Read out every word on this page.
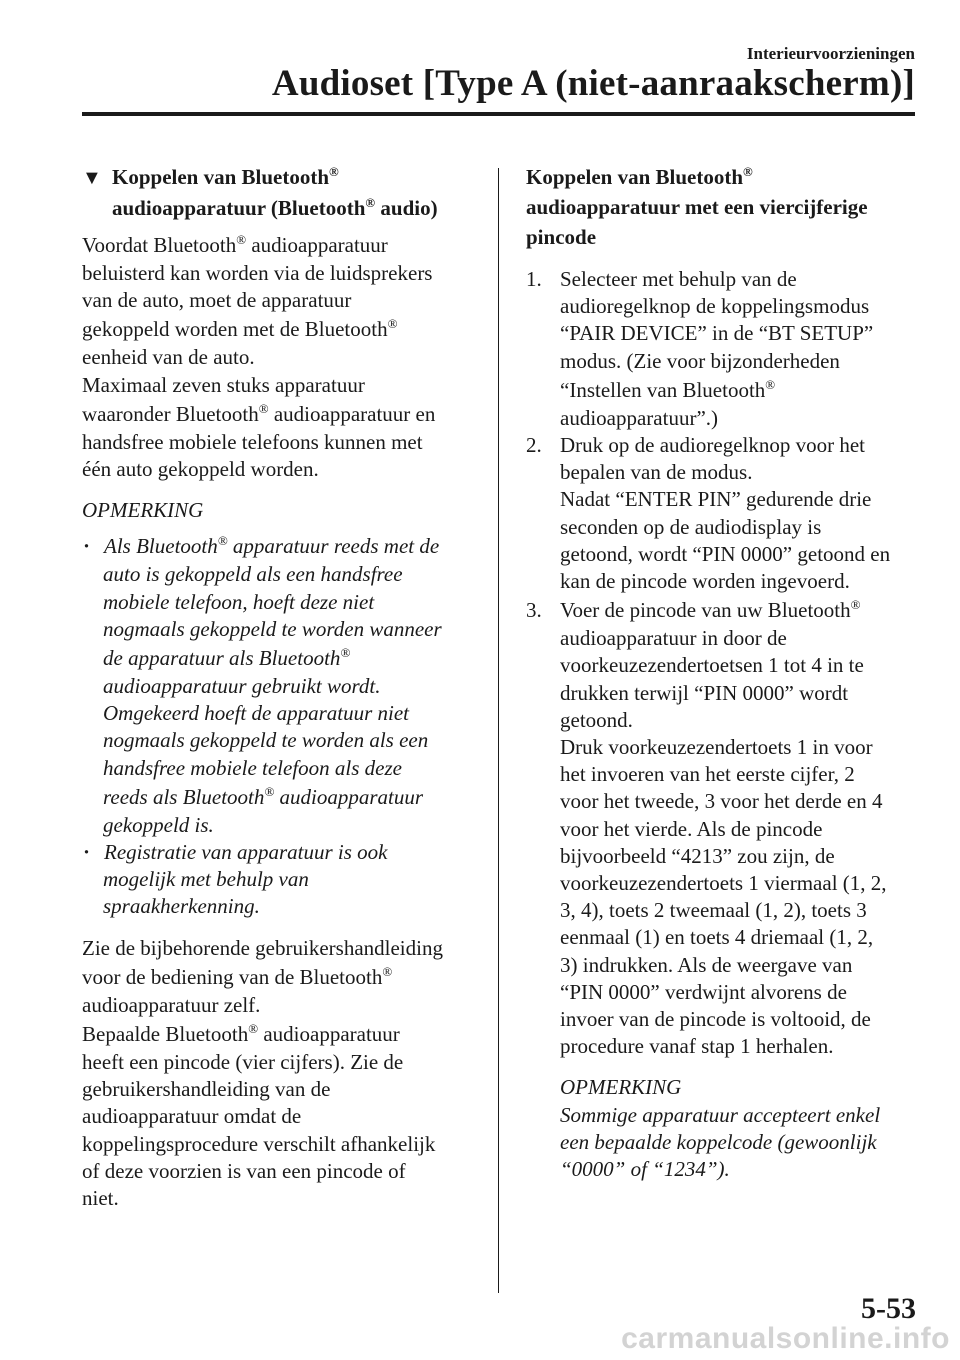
Interieurvoorzieningen
Audioset [Type A (niet-aanraakscherm)]
▼ Koppelen van Bluetooth®
audioapparatuur (Bluetooth® audio)
Voordat Bluetooth® audioapparatuur
beluisterd kan worden via de luidsprekers
van de auto, moet de apparatuur
gekoppeld worden met de Bluetooth®
eenheid van de auto.
Maximaal zeven stuks apparatuur
waaronder Bluetooth® audioapparatuur en
handsfree mobiele telefoons kunnen met
één auto gekoppeld worden.
OPMERKING
· Als Bluetooth® apparatuur reeds met de
auto is gekoppeld als een handsfree
mobiele telefoon, hoeft deze niet
nogmaals gekoppeld te worden wanneer
de apparatuur als Bluetooth®
audioapparatuur gebruikt wordt.
Omgekeerd hoeft de apparatuur niet
nogmaals gekoppeld te worden als een
handsfree mobiele telefoon als deze
reeds als Bluetooth® audioapparatuur
gekoppeld is.
· Registratie van apparatuur is ook
mogelijk met behulp van
spraakherkenning.
Zie de bijbehorende gebruikershandleiding
voor de bediening van de Bluetooth®
audioapparatuur zelf.
Bepaalde Bluetooth® audioapparatuur
heeft een pincode (vier cijfers). Zie de
gebruikershandleiding van de
audioapparatuur omdat de
koppelingsprocedure verschilt afhankelijk
of deze voorzien is van een pincode of
niet.
Koppelen van Bluetooth®
audioapparatuur met een viercijferige
pincode
1. Selecteer met behulp van de
audioregelknop de koppelingsmodus
“PAIR DEVICE” in de “BT SETUP”
modus. (Zie voor bijzonderheden
“Instellen van Bluetooth®
audioapparatuur”.)
2. Druk op de audioregelknop voor het
bepalen van de modus.
Nadat “ENTER PIN” gedurende drie
seconden op de audiodisplay is
getoond, wordt “PIN 0000” getoond en
kan de pincode worden ingevoerd.
3. Voer de pincode van uw Bluetooth®
audioapparatuur in door de
voorkeuzezendertoetsen 1 tot 4 in te
drukken terwijl “PIN 0000” wordt
getoond.
Druk voorkeuzezendertoets 1 in voor
het invoeren van het eerste cijfer, 2
voor het tweede, 3 voor het derde en 4
voor het vierde. Als de pincode
bijvoorbeeld “4213” zou zijn, de
voorkeuzezendertoets 1 viermaal (1, 2,
3, 4), toets 2 tweemaal (1, 2), toets 3
eenmaal (1) en toets 4 driemaal (1, 2,
3) indrukken. Als de weergave van
“PIN 0000” verdwijnt alvorens de
invoer van de pincode is voltooid, de
procedure vanaf stap 1 herhalen.
OPMERKING
Sommige apparatuur accepteert enkel
een bepaalde koppelcode (gewoonlijk
“0000” of “1234”).
5-53
carmanualsonline.info
